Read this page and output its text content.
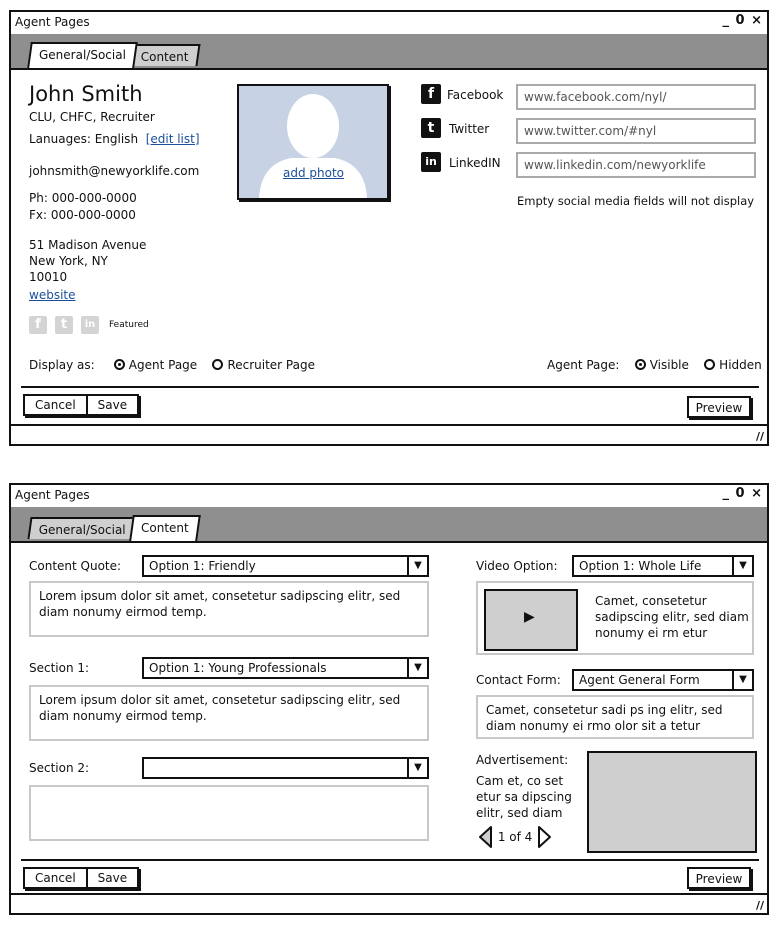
Agent Pages	_ 0 ×
General/Social	Content
John Smith
CLU, CHFC, Recruiter
Lanuages: English [edit list]
johnsmith@newyorklife.com
Ph: 000-000-0000
Fx: 000-000-0000
51 Madison Avenue
New York, NY
10010
website
f	t	in	Featured
add photo
f	Facebook	www.facebook.com/nyl/
t	Twitter	www.twitter.com/#nyl
in	LinkedIN	www.linkedin.com/newyorklife
Empty social media fields will not display
Display as:	Agent Page	Recruiter Page	Agent Page:	Visible	Hidden
Cancel	Save	Preview
//
Agent Pages	_ 0 ×
General/Social	Content
Content Quote:	Option 1: Friendly	▼
Lorem ipsum dolor sit amet, consetetur sadipscing elitr, sed diam nonumy eirmod temp.
Section 1:	Option 1: Young Professionals	▼
Lorem ipsum dolor sit amet, consetetur sadipscing elitr, sed diam nonumy eirmod temp.
Section 2:	▼
Video Option:	Option 1: Whole Life	▼
▶
Camet, consetetur sadipscing elitr, sed diam nonumy ei rm etur
Contact Form:	Agent General Form	▼
Camet, consetetur sadi ps ing elitr, sed diam nonumy ei rmo olor sit a tetur
Advertisement:
Cam et, co set etur sa dipscing elitr, sed diam
1 of 4
Cancel	Save	Preview
//
